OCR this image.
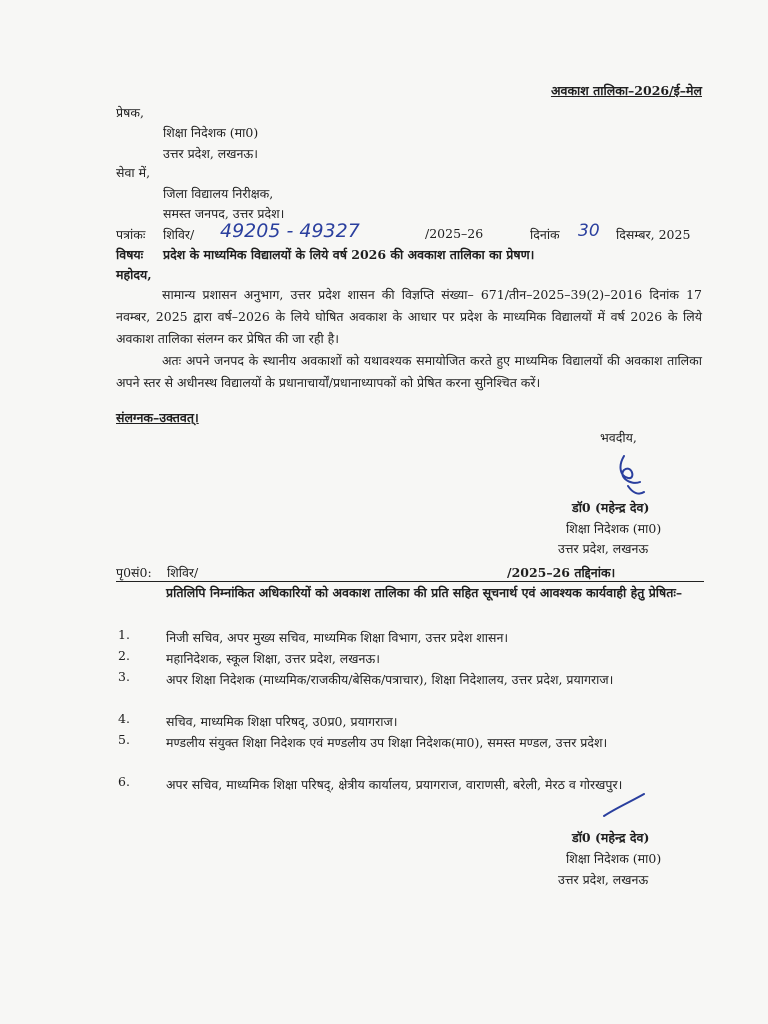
अवकाश तालिका–2026/ई–मेल
प्रेषक,
शिक्षा निदेशक (मा0)
उत्तर प्रदेश, लखनऊ।
सेवा में,
जिला विद्यालय निरीक्षक,
समस्त जनपद, उत्तर प्रदेश।
पत्रांकः शिविर/ 49205 - 49327	/2025–26	दिनांक 30 दिसम्बर, 2025
विषयः प्रदेश के माध्यमिक विद्यालयों के लिये वर्ष 2026 की अवकाश तालिका का प्रेषण।
महोदय,
सामान्य प्रशासन अनुभाग, उत्तर प्रदेश शासन की विज्ञप्ति संख्या– 671/तीन–2025–39(2)–2016 दिनांक 17 नवम्बर, 2025 द्वारा वर्ष–2026 के लिये घोषित अवकाश के आधार पर प्रदेश के माध्यमिक विद्यालयों में वर्ष 2026 के लिये अवकाश तालिका संलग्न कर प्रेषित की जा रही है।
अतः अपने जनपद के स्थानीय अवकाशों को यथावश्यक समायोजित करते हुए माध्यमिक विद्यालयों की अवकाश तालिका अपने स्तर से अधीनस्थ विद्यालयों के प्रधानाचार्यों/प्रधानाध्यापकों को प्रेषित करना सुनिश्चित करें।
संलग्नक–उक्तवत्।
भवदीय,
डॉ0 (महेन्द्र देव)
शिक्षा निदेशक (मा0)
उत्तर प्रदेश, लखनऊ
पृ0सं0: शिविर/	/2025–26 तद्दिनांक।
प्रतिलिपि निम्नांकित अधिकारियों को अवकाश तालिका की प्रति सहित सूचनार्थ एवं आवश्यक कार्यवाही हेतु प्रेषितः–
1.	निजी सचिव, अपर मुख्य सचिव, माध्यमिक शिक्षा विभाग, उत्तर प्रदेश शासन।
2.	महानिदेशक, स्कूल शिक्षा, उत्तर प्रदेश, लखनऊ।
3.	अपर शिक्षा निदेशक (माध्यमिक/राजकीय/बेसिक/पत्राचार), शिक्षा निदेशालय, उत्तर प्रदेश, प्रयागराज।
4.	सचिव, माध्यमिक शिक्षा परिषद्, उ0प्र0, प्रयागराज।
5.	मण्डलीय संयुक्त शिक्षा निदेशक एवं मण्डलीय उप शिक्षा निदेशक(मा0), समस्त मण्डल, उत्तर प्रदेश।
6.	अपर सचिव, माध्यमिक शिक्षा परिषद्, क्षेत्रीय कार्यालय, प्रयागराज, वाराणसी, बरेली, मेरठ व गोरखपुर।
डॉ0 (महेन्द्र देव)
शिक्षा निदेशक (मा0)
उत्तर प्रदेश, लखनऊ
